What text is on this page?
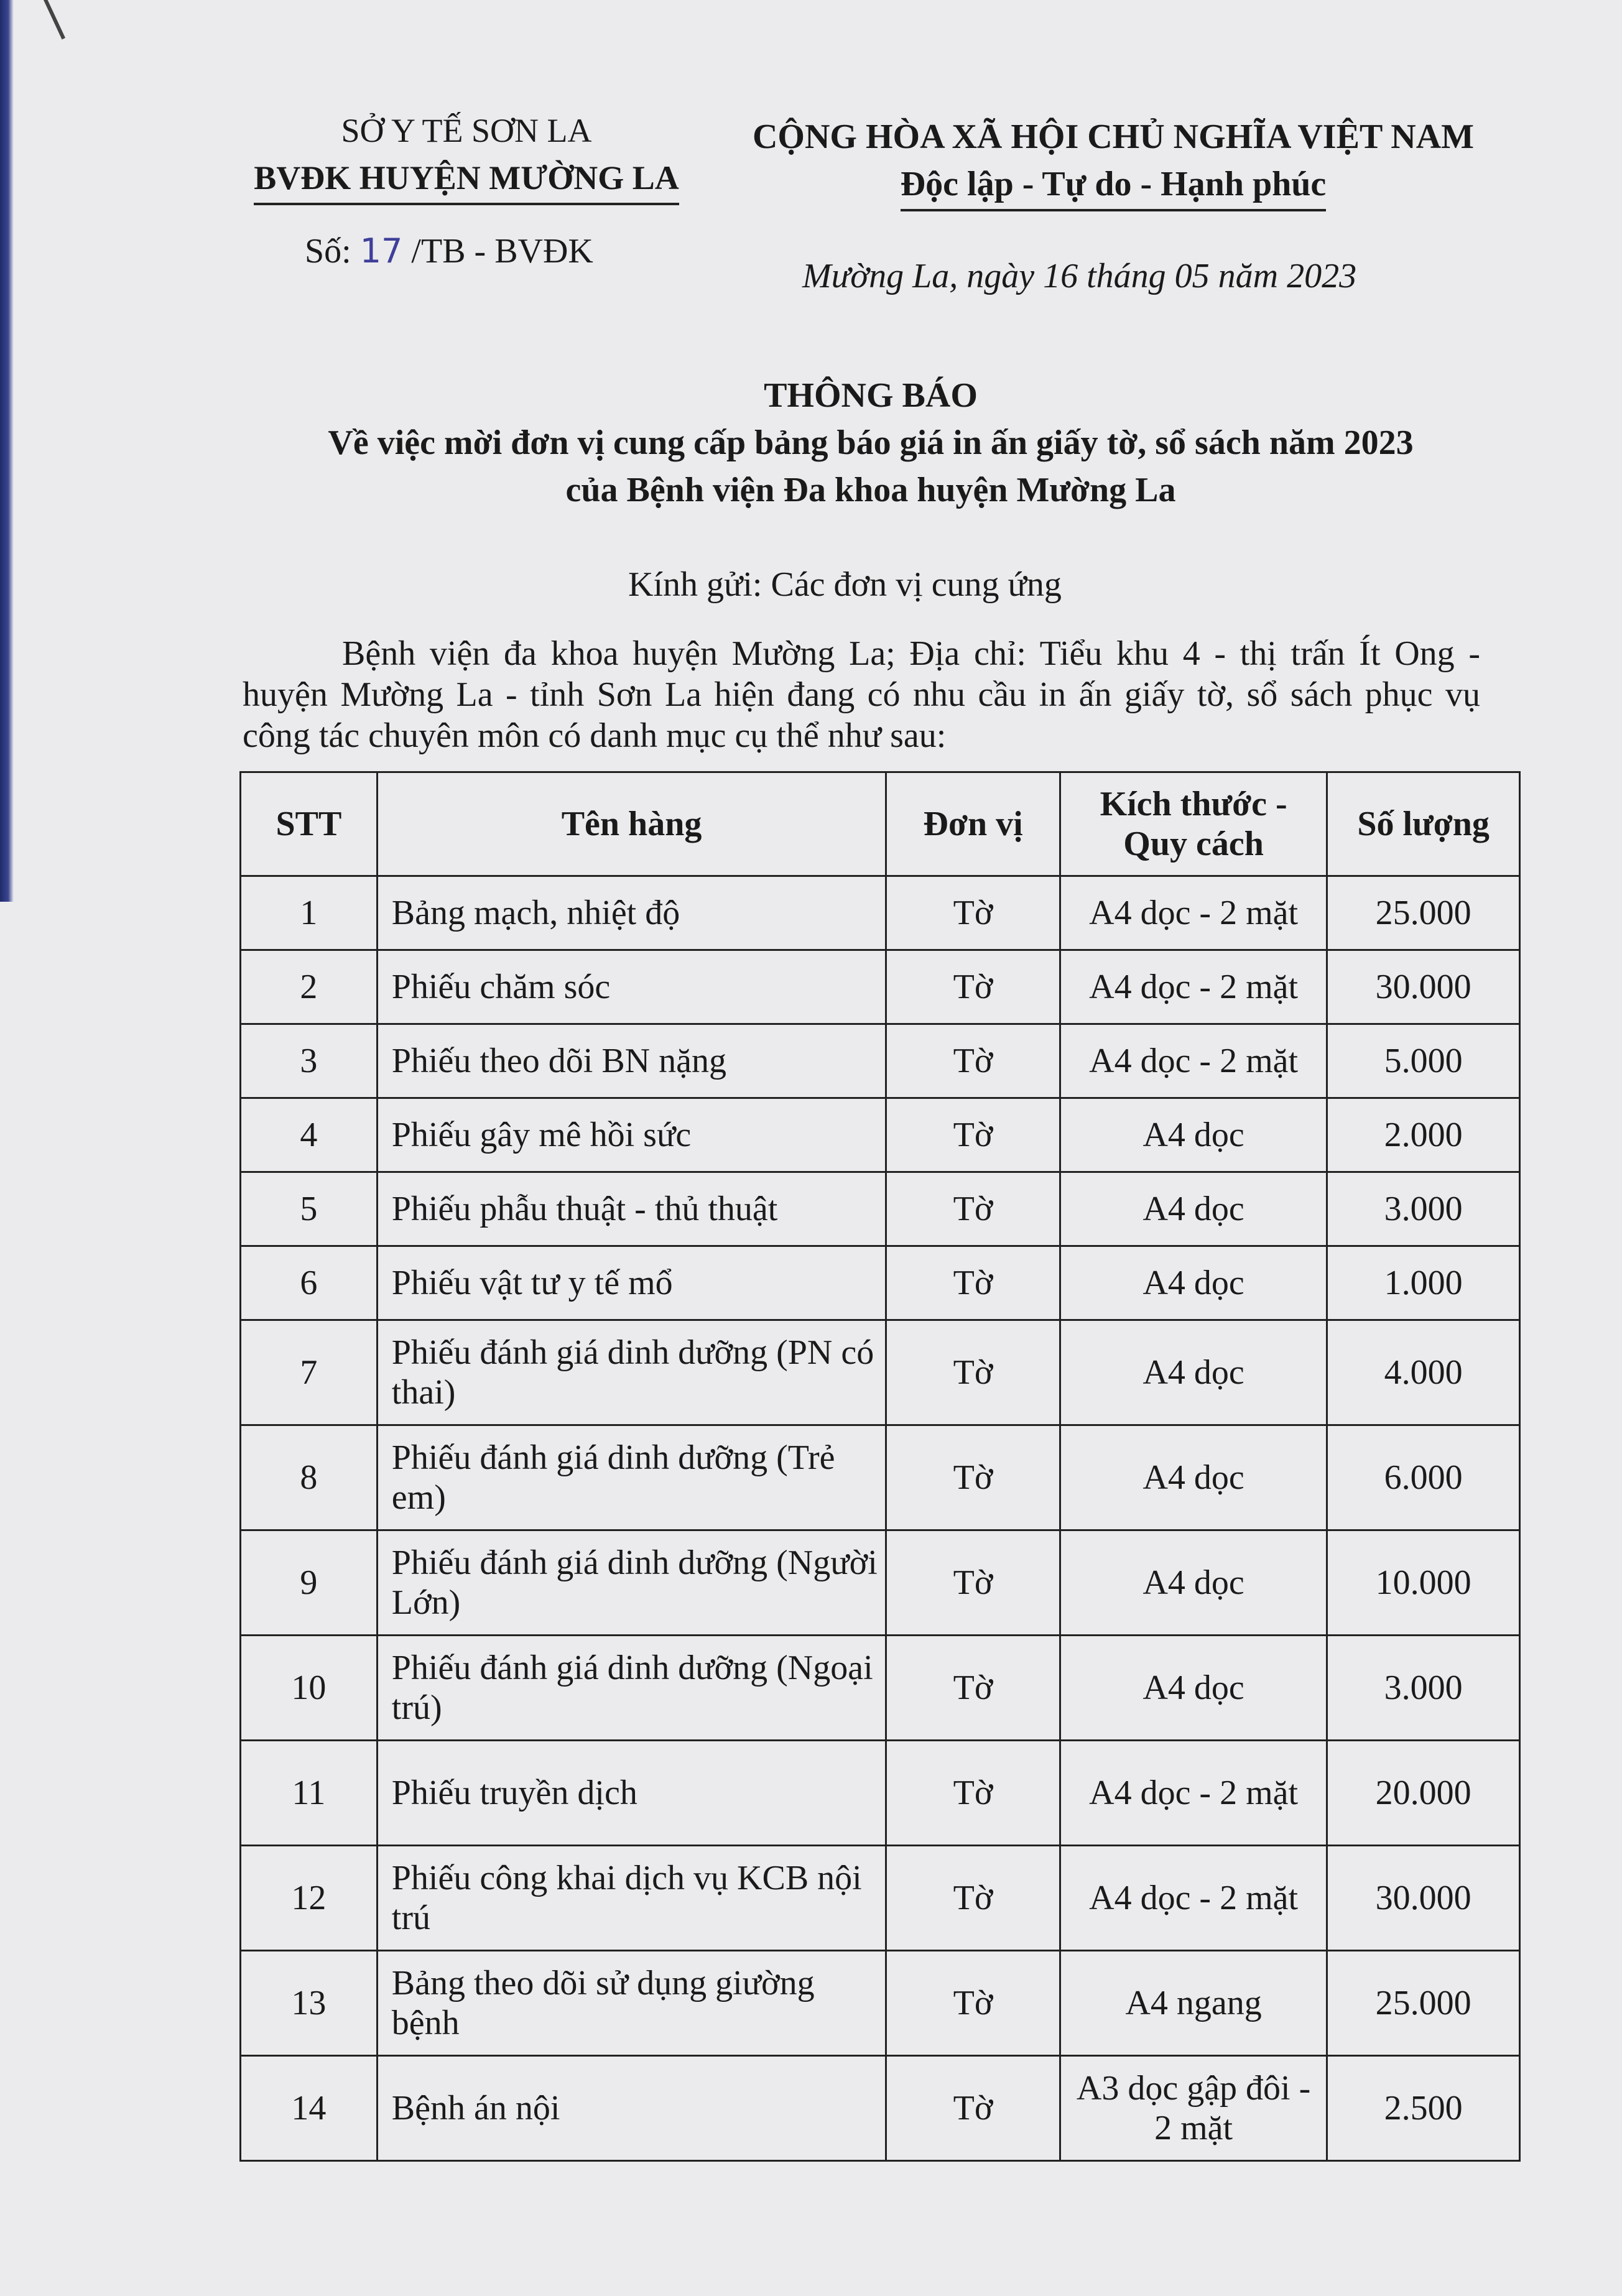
SỞ Y TẾ SƠN LA
BVĐK HUYỆN MƯỜNG LA
Số: 17 /TB - BVĐK
CỘNG HÒA XÃ HỘI CHỦ NGHĨA VIỆT NAM
Độc lập - Tự do - Hạnh phúc
Mường La, ngày 16 tháng 05 năm 2023
THÔNG BÁO
Về việc mời đơn vị cung cấp bảng báo giá in ấn giấy tờ, sổ sách năm 2023
của Bệnh viện Đa khoa huyện Mường La
Kính gửi: Các đơn vị cung ứng
Bệnh viện đa khoa huyện Mường La; Địa chỉ: Tiểu khu 4 - thị trấn Ít Ong - huyện Mường La - tỉnh Sơn La hiện đang có nhu cầu in ấn giấy tờ, sổ sách phục vụ công tác chuyên môn có danh mục cụ thể như sau:
STT	Tên hàng	Đơn vị	Kích thước - Quy cách	Số lượng
1	Bảng mạch, nhiệt độ	Tờ	A4 dọc - 2 mặt	25.000
2	Phiếu chăm sóc	Tờ	A4 dọc - 2 mặt	30.000
3	Phiếu theo dõi BN nặng	Tờ	A4 dọc - 2 mặt	5.000
4	Phiếu gây mê hồi sức	Tờ	A4 dọc	2.000
5	Phiếu phẫu thuật - thủ thuật	Tờ	A4 dọc	3.000
6	Phiếu vật tư y tế mổ	Tờ	A4 dọc	1.000
7	Phiếu đánh giá dinh dưỡng (PN có thai)	Tờ	A4 dọc	4.000
8	Phiếu đánh giá dinh dưỡng (Trẻ em)	Tờ	A4 dọc	6.000
9	Phiếu đánh giá dinh dưỡng (Người Lớn)	Tờ	A4 dọc	10.000
10	Phiếu đánh giá dinh dưỡng (Ngoại trú)	Tờ	A4 dọc	3.000
11	Phiếu truyền dịch	Tờ	A4 dọc - 2 mặt	20.000
12	Phiếu công khai dịch vụ KCB nội trú	Tờ	A4 dọc - 2 mặt	30.000
13	Bảng theo dõi sử dụng giường bệnh	Tờ	A4 ngang	25.000
14	Bệnh án nội	Tờ	A3 dọc gập đôi - 2 mặt	2.500
